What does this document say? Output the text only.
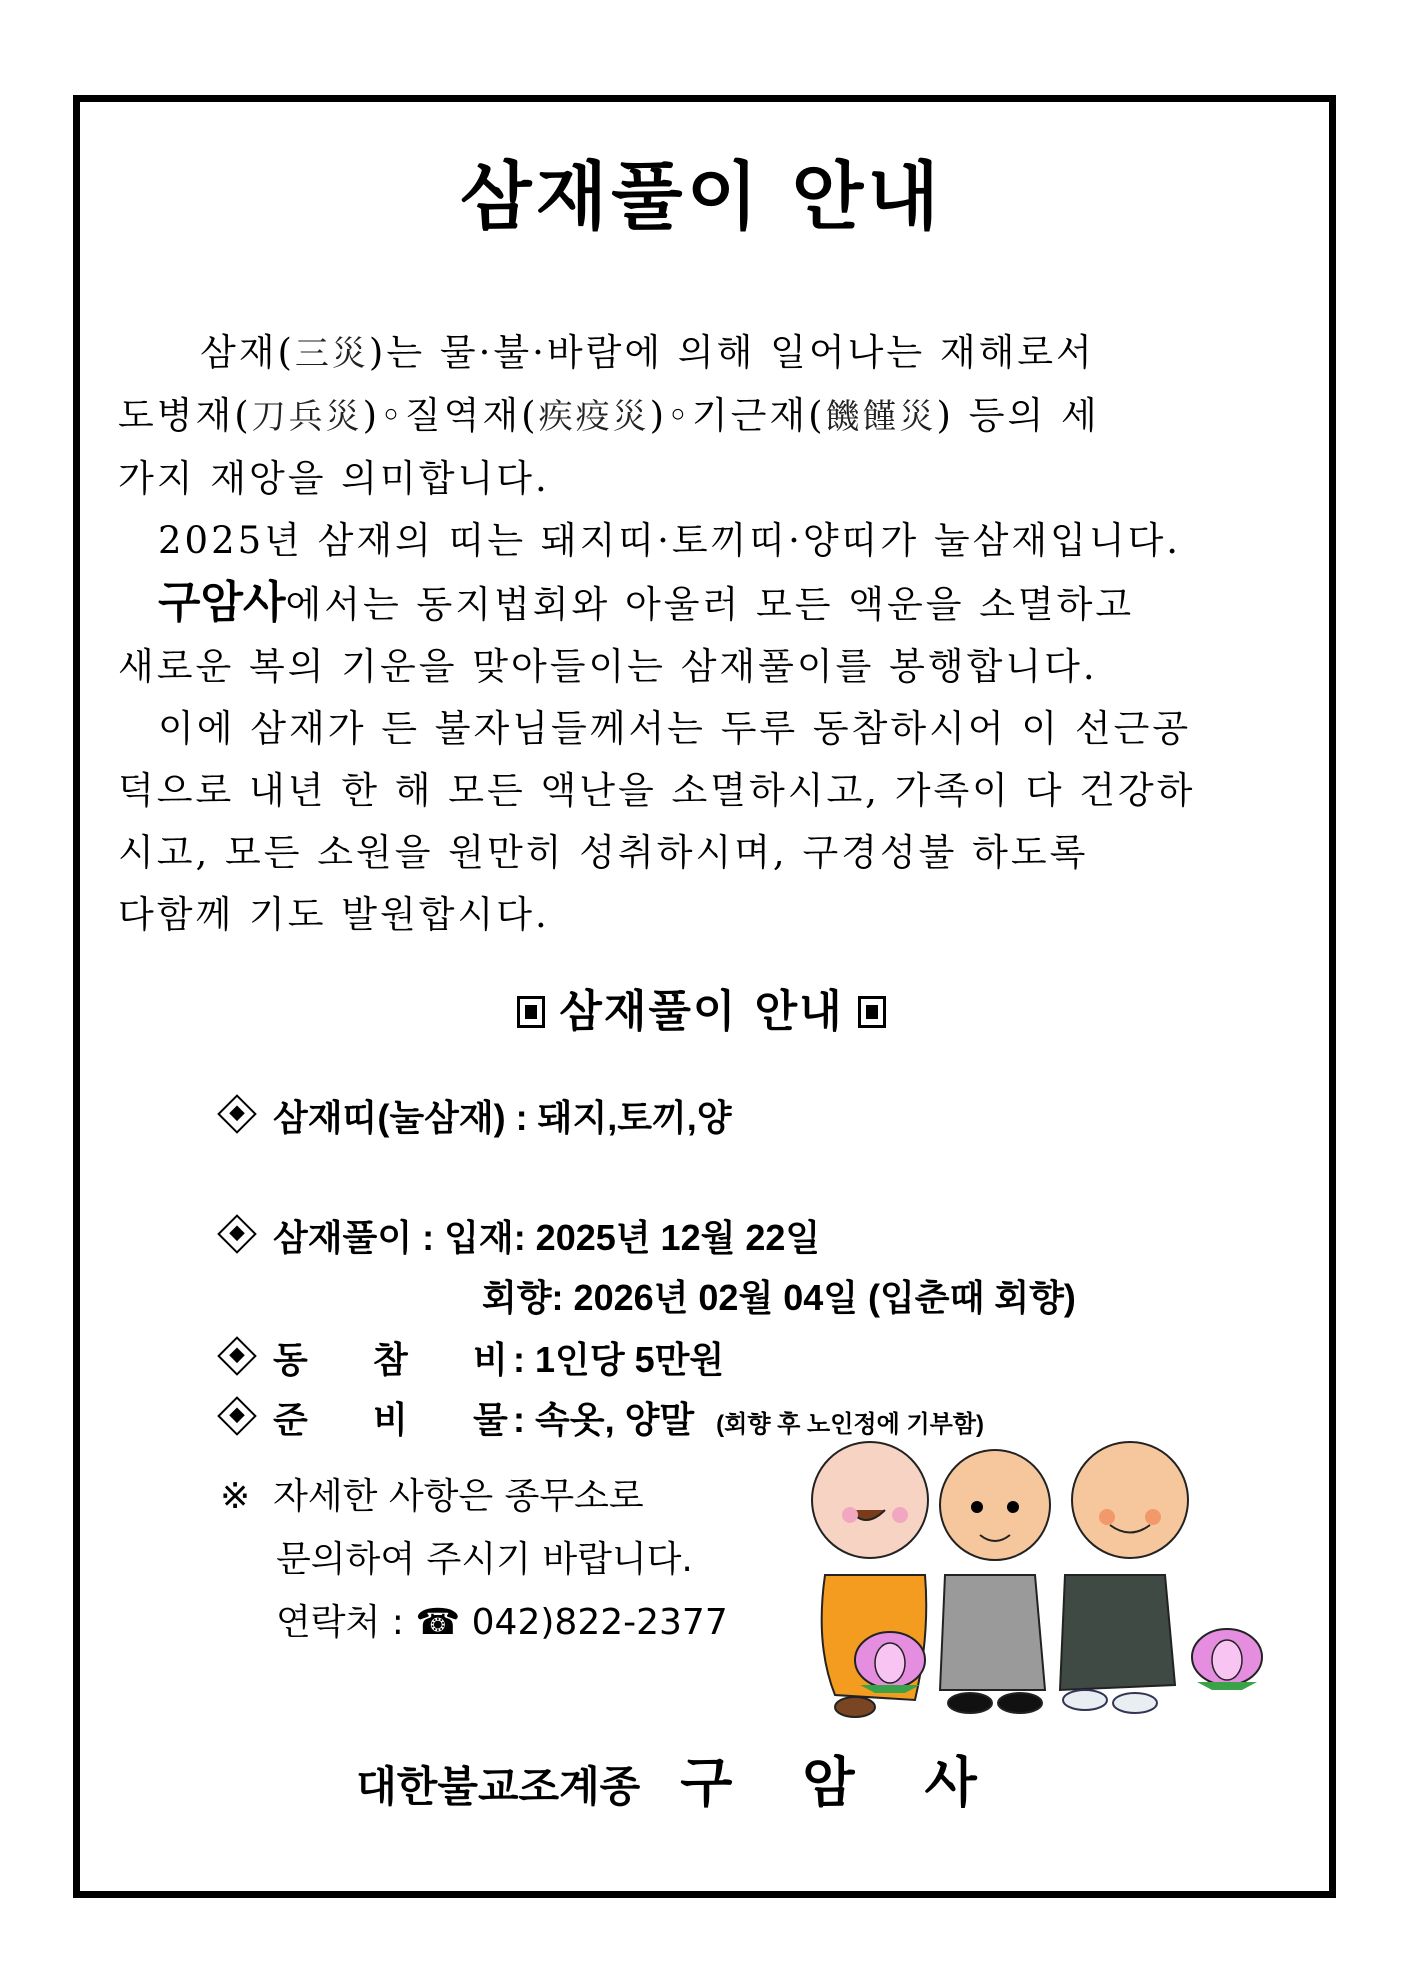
삼재풀이 안내

삼재(三災)는 물·불·바람에 의해 일어나는 재해로서

도병재(刀兵災)◦질역재(疾疫災)◦기근재(饑饉災) 등의 세

가지 재앙을 의미합니다.

2025년 삼재의 띠는 돼지띠·토끼띠·양띠가 눌삼재입니다.

구암사에서는 동지법회와 아울러 모든 액운을 소멸하고

새로운 복의 기운을 맞아들이는 삼재풀이를 봉행합니다.

이에 삼재가 든 불자님들께서는 두루 동참하시어 이 선근공

덕으로 내년 한 해 모든 액난을 소멸하시고, 가족이 다 건강하

시고, 모든 소원을 원만히 성취하시며, 구경성불 하도록

다함께 기도 발원합시다.

삼재풀이 안내
삼재띠(눌삼재) : 돼지,토끼,양
삼재풀이 : 입재: 2025년 12월 22일
회향: 2026년 02월 04일 (입춘때 회향)
동 참 비 : 1인당 5만원
준 비 물 : 속옷, 양말 (회향 후 노인정에 기부함)
※ 자세한 사항은 종무소로
문의하여 주시기 바랍니다.
연락처 : ☎ 042)822-2377
대한불교조계종 구암사
